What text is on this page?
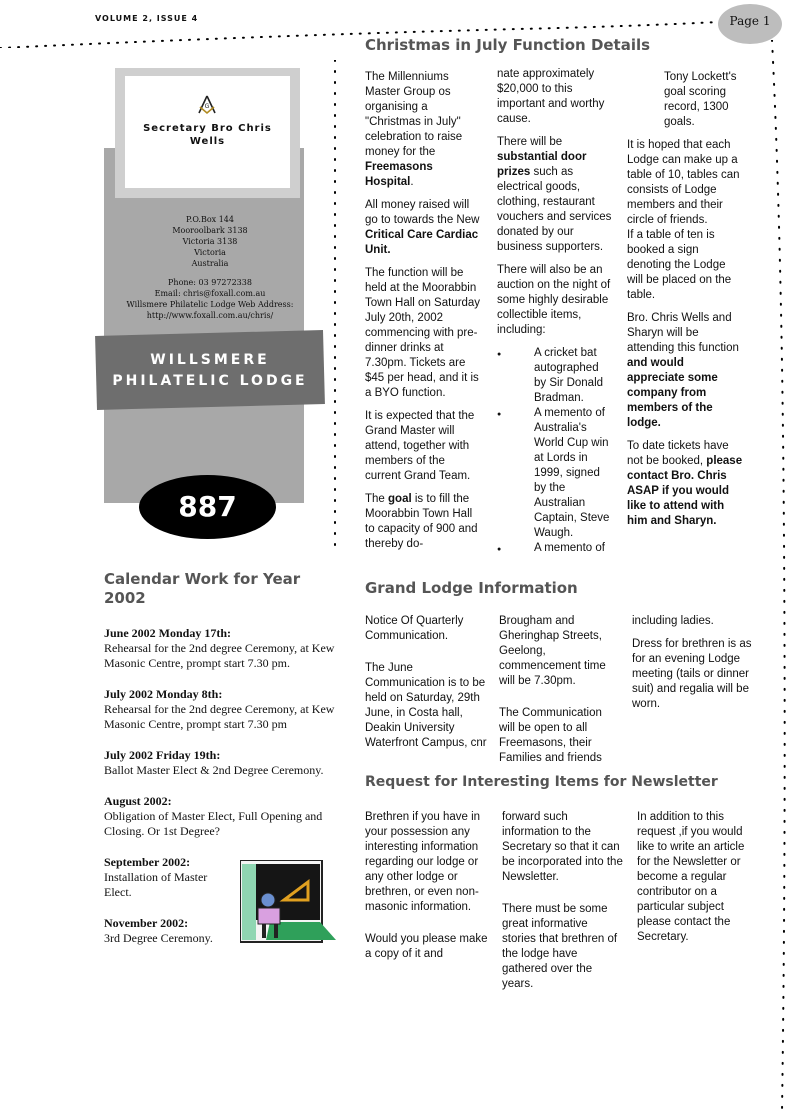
VOLUME 2, ISSUE 4	Page 1
G
Secretary Bro Chris Wells
P.O.Box 144
Mooroolbark 3138
Victoria 3138
Victoria
Australia
Phone: 03 97272338
Email: chris@foxall.com.au
Willsmere Philatelic Lodge Web Address:
http://www.foxall.com.au/chris/
WILLSMERE
PHILATELIC LODGE
887
Christmas in July Function Details

The Millenniums Master Group os organising a "Christmas in July" celebration to raise money for the Freemasons Hospital.

All money raised will go to towards the New Critical Care Cardiac Unit.

The function will be held at the Moorabbin Town Hall on Saturday July 20th, 2002 commencing with pre-dinner drinks at 7.30pm. Tickets are $45 per head, and it is a BYO function.

It is expected that the Grand Master will attend, together with members of the current Grand Team.

The goal is to fill the Moorabbin Town Hall to capacity of 900 and thereby do-

nate approximately $20,000 to this important and worthy cause.

There will be substantial door prizes such as electrical goods, clothing, restaurant vouchers and services donated by our business supporters.

There will also be an auction on the night of some highly desirable collectible items, including:

● A cricket bat autographed by Sir Donald Bradman.
● A memento of Australia's World Cup win at Lords in 1999, signed by the Australian Captain, Steve Waugh.
● A memento of

Tony Lockett's goal scoring record, 1300 goals.

It is hoped that each Lodge can make up a table of 10, tables can consists of Lodge members and their circle of friends.

If a table of ten is booked a sign denoting the Lodge will be placed on the table.

Bro. Chris Wells and Sharyn will be attending this function and would appreciate some company from members of the lodge.

To date tickets have not be booked, please contact Bro. Chris ASAP if you would like to attend with him and Sharyn.

Calendar Work for Year 2002
June 2002 Monday 17th:
Rehearsal for the 2nd degree Ceremony, at Kew Masonic Centre, prompt start 7.30 pm.
July 2002 Monday 8th:
Rehearsal for the 2nd degree Ceremony, at Kew Masonic Centre, prompt start 7.30 pm
July 2002 Friday 19th:
Ballot Master Elect & 2nd Degree Ceremony.
August 2002:
Obligation of Master Elect, Full Opening and Closing. Or 1st Degree?
September 2002:
Installation of Master Elect.
November 2002:
3rd Degree Ceremony.
Grand Lodge Information

Notice Of Quarterly Communication.

The June Communication is to be held on Saturday, 29th June, in Costa hall, Deakin University Waterfront Campus, cnr

Brougham and Gheringhap Streets, Geelong, commencement time will be 7.30pm.

The Communication will be open to all Freemasons, their Families and friends

including ladies.

Dress for brethren is as for an evening Lodge meeting (tails or dinner suit) and regalia will be worn.

Request for Interesting Items for Newsletter

Brethren if you have in your possession any interesting information regarding our lodge or any other lodge or brethren, or even non-masonic information.

Would you please make a copy of it and

forward such information to the Secretary so that it can be incorporated into the Newsletter.

There must be some great informative stories that brethren of the lodge have gathered over the years.

In addition to this request ,if you would like to write an article for the Newsletter or become a regular contributor on a particular subject please contact the Secretary.
